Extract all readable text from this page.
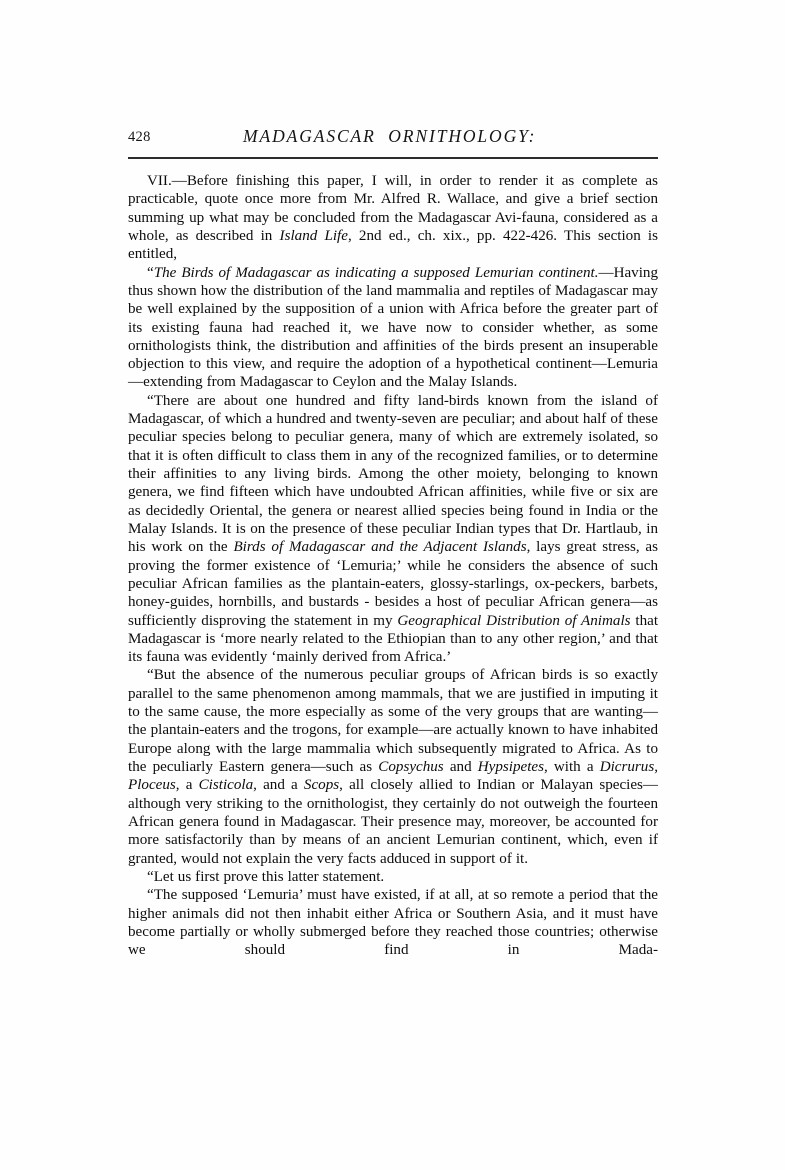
428	MADAGASCAR  ORNITHOLOGY:

VII.—Before finishing this paper, I will, in order to render it as complete as practicable, quote once more from Mr. Alfred R. Wallace, and give a brief section summing up what may be concluded from the Madagascar Avi-fauna, considered as a whole, as described in Island Life, 2nd ed., ch. xix., pp. 422-426. This section is entitled,

“The Birds of Madagascar as indicating a supposed Lemurian continent.—Having thus shown how the distribution of the land mammalia and reptiles of Madagascar may be well explained by the supposition of a union with Africa before the greater part of its existing fauna had reached it, we have now to consider whether, as some ornithologists think, the distribution and affinities of the birds present an insuperable objection to this view, and require the adoption of a hypothetical continent—Lemuria—extending from Madagascar to Ceylon and the Malay Islands.

“There are about one hundred and fifty land-birds known from the island of Madagascar, of which a hundred and twenty-seven are peculiar; and about half of these peculiar species belong to peculiar genera, many of which are extremely isolated, so that it is often difficult to class them in any of the recognized families, or to determine their affinities to any living birds. Among the other moiety, belonging to known genera, we find fifteen which have undoubted African affinities, while five or six are as decidedly Oriental, the genera or nearest allied species being found in India or the Malay Islands. It is on the presence of these peculiar Indian types that Dr. Hartlaub, in his work on the Birds of Madagascar and the Adjacent Islands, lays great stress, as proving the former existence of ‘Lemuria;’ while he considers the absence of such peculiar African families as the plantain-eaters, glossy-starlings, ox-peckers, barbets, honey-guides, hornbills, and bustards - besides a host of peculiar African genera—as sufficiently disproving the statement in my Geographical Distribution of Animals that Madagascar is ‘more nearly related to the Ethiopian than to any other region,’ and that its fauna was evidently ‘mainly derived from Africa.’

“But the absence of the numerous peculiar groups of African birds is so exactly parallel to the same phenomenon among mammals, that we are justified in imputing it to the same cause, the more especially as some of the very groups that are wanting—the plantain-eaters and the trogons, for example—are actually known to have inhabited Europe along with the large mammalia which subsequently migrated to Africa. As to the peculiarly Eastern genera—such as Copsychus and Hypsipetes, with a Dicrurus, Ploceus, a Cisticola, and a Scops, all closely allied to Indian or Malayan species—although very striking to the ornithologist, they certainly do not outweigh the fourteen African genera found in Madagascar. Their presence may, moreover, be accounted for more satisfactorily than by means of an ancient Lemurian continent, which, even if granted, would not explain the very facts adduced in support of it.

“Let us first prove this latter statement.

“The supposed ‘Lemuria’ must have existed, if at all, at so remote a period that the higher animals did not then inhabit either Africa or Southern Asia, and it must have become partially or wholly submerged before they reached those countries; otherwise we should find in Mada-
